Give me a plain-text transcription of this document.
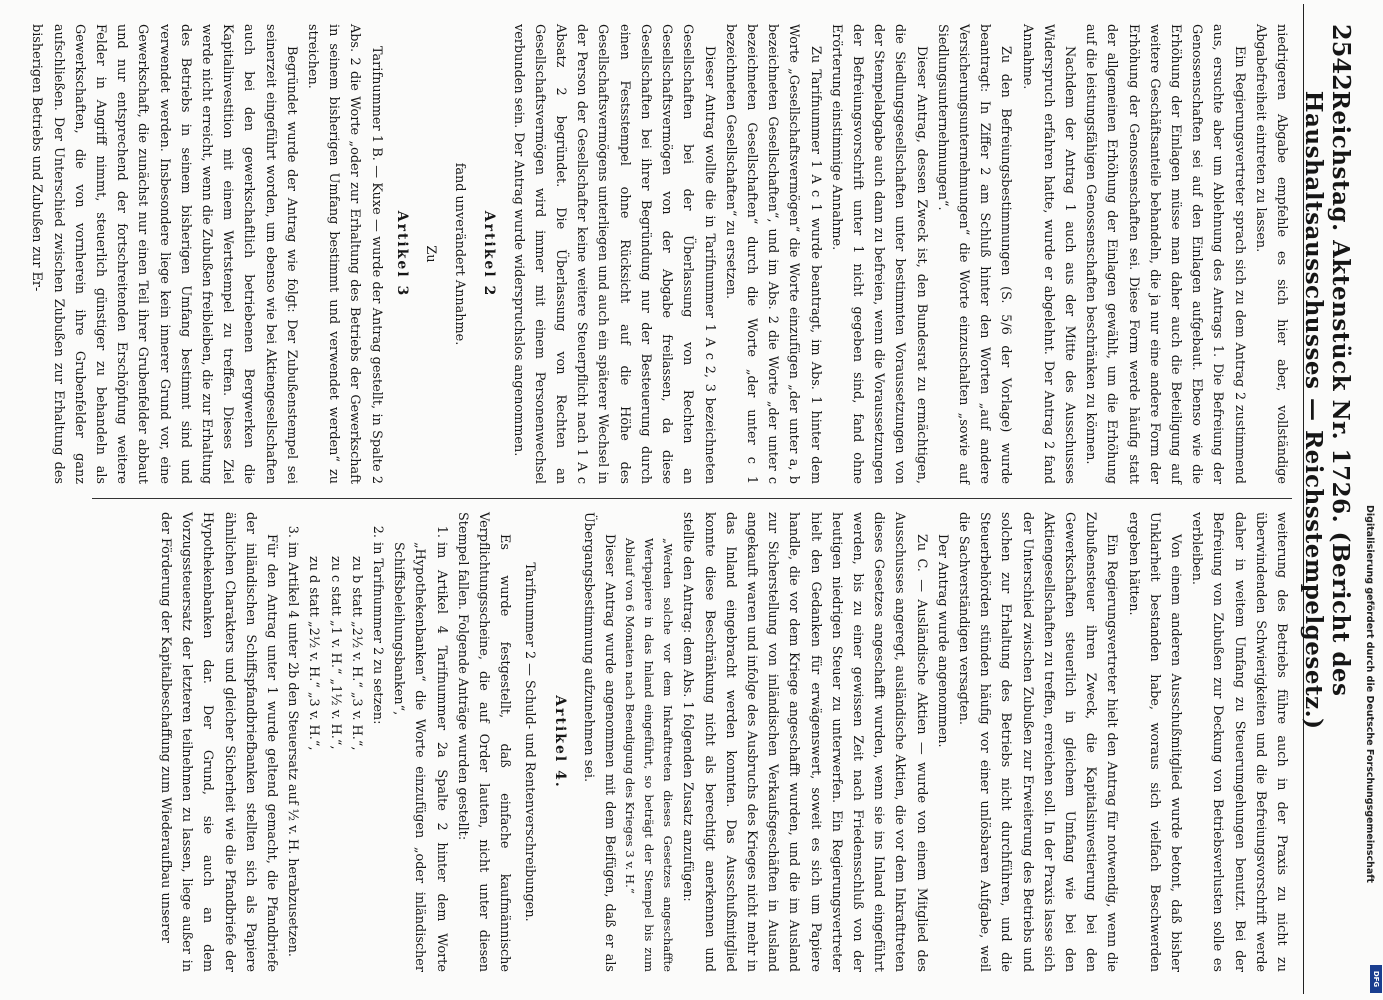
2542
Reichstag. Aktenstück Nr. 1726. (Bericht des Haushaltsausschusses — Reichsstempelgesetz.)

niedrigeren Abgabe empfehle es sich hier aber, vollständige Abgabefreiheit eintreten zu lassen.

Ein Regierungsvertreter sprach sich zu dem Antrag 2 zustimmend aus, ersuchte aber um Ablehnung des Antrags 1. Die Befreiung der Genossenschaften sei auf den Einlagen aufgebaut. Ebenso wie die Erhöhung der Einlagen müsse man daher auch die Beteiligung auf weitere Geschäftsanteile behandeln, die ja nur eine andere Form der Erhöhung der Genossenschaften sei. Diese Form werde häufig statt der allgemeinen Erhöhung der Einlagen gewählt, um die Erhöhung auf die leistungsfähigen Genossenschaften beschränken zu können.

Nachdem der Antrag 1 auch aus der Mitte des Ausschusses Widerspruch erfahren hatte, wurde er abgelehnt. Der Antrag 2 fand Annahme.

Zu den Befreiungsbestimmungen (S. 5/6 der Vorlage) wurde beantragt: In Ziffer 2 am Schluß hinter den Worten „auf andere Versicherungsunternehmungen“ die Worte einzuschalten „sowie auf Siedlungsunternehmungen“.

Dieser Antrag, dessen Zweck ist, den Bundesrat zu ermächtigen, die Siedlungsgesellschaften unter bestimmten Voraussetzungen von der Stempelabgabe auch dann zu befreien, wenn die Voraussetzungen der Befreiungsvorschrift unter 1 nicht gegeben sind, fand ohne Erörterung einstimmige Annahme.

Zu Tarifnummer 1 A c 1 wurde beantragt, im Abs. 1 hinter dem Worte „Gesellschaftsvermögen“ die Worte einzufügen „der unter a, b bezeichneten Gesellschaften“, und im Abs. 2 die Worte „der unter c bezeichneten Gesellschaften“ durch die Worte „der unter c 1 bezeichneten Gesellschaften“ zu ersetzen.

Dieser Antrag wollte die in Tarifnummer 1 A c 2, 3 bezeichneten Gesellschaften bei der Überlassung von Rechten an Gesellschaftsvermögen von der Abgabe freilassen, da diese Gesellschaften bei ihrer Begründung nur der Besteuerung durch einen Festsstempel ohne Rücksicht auf die Höhe des Gesellschaftsvermögens unterliegen und auch ein späterer Wechsel in der Person der Gesellschafter keine weitere Steuerpflicht nach 1 A c Absatz 2 begründet. Die Überlassung von Rechten an Gesellschaftsvermögen wird immer mit einem Personenwechsel verbunden sein. Der Antrag wurde widerspruchslos angenommen.

Artikel 2
fand unverändert Annahme.
Zu
Artikel 3

Tarifnummer 1 B. — Kuxe — wurde der Antrag gestellt, in Spalte 2 Abs. 2 die Worte „oder zur Erhaltung des Betriebs der Gewerkschaft in seinem bisherigen Umfang bestimmt und verwendet werden“ zu streichen.

Begründet wurde der Antrag wie folgt: Der Zubußenstempel sei seinerzeit eingeführt worden, um ebenso wie bei Aktiengesellschaften auch bei den gewerkschaftlich betriebenen Bergwerken die Kapitalinvestition mit einem Wertstempel zu treffen. Dieses Ziel werde nicht erreicht, wenn die Zubußen freibleiben, die zur Erhaltung des Betriebs in seinem bisherigen Umfang bestimmt sind und verwendet werden. Insbesondere liege kein innerer Grund vor, eine Gewerkschaft, die zunächst nur einen Teil ihrer Grubenfelder abbaut und nur entsprechend der fortschreitenden Erschöpfung weitere Felder in Angriff nimmt, steuerlich günstiger zu behandeln als Gewerkschaften, die von vornherein ihre Grubenfelder ganz aufschließen. Der Unterschied zwischen Zubußen zur Erhaltung des bisherigen Betriebs und Zubußen zur Er-

weiterung des Betriebs führe auch in der Praxis zu nicht zu überwindenden Schwierigkeiten und die Befreiungsvorschrift werde daher in weitem Umfang zu Steuerumgehungen benutzt. Bei der Befreiung von Zubußen zur Deckung von Betriebsverlusten solle es verbleiben.

Von einem anderen Ausschußmitglied wurde betont, daß bisher Unklarheit bestanden habe, woraus sich vielfach Beschwerden ergeben hätten.

Ein Regierungsvertreter hielt den Antrag für notwendig, wenn die Zubußensteuer ihren Zweck, die Kapitalsinvestierung bei den Gewerkschaften steuerlich in gleichem Umfang wie bei den Aktiengesellschaften zu treffen, erreichen soll. In der Praxis lasse sich der Unterschied zwischen Zubußen zur Erweiterung des Betriebs und solchen zur Erhaltung des Betriebs nicht durchführen, und die Steuerbehörden stünden häufig vor einer unlösbaren Aufgabe, weil die Sachverständigen versagten.

Der Antrag wurde angenommen.

Zu C. — Ausländische Aktien — wurde von einem Mitglied des Ausschusses angeregt, ausländische Aktien, die vor dem Inkrafttreten dieses Gesetzes angeschafft wurden, wenn sie ins Inland eingeführt werden, bis zu einer gewissen Zeit nach Friedensschluß von der heutigen niedrigen Steuer zu unterwerfen. Ein Regierungsvertreter hielt den Gedanken für erwägenswert, soweit es sich um Papiere handle, die vor dem Kriege angeschafft wurden, und die im Ausland zur Sicherstellung von inländischen Verkaufsgeschäften in Ausland angekauft waren und infolge des Ausbruchs des Krieges nicht mehr in das Inland eingebracht werden konnten. Das Ausschußmitglied konnte diese Beschränkung nicht als berechtigt anerkennen und stellte den Antrag: dem Abs. 1 folgenden Zusatz anzufügen:

„Werden solche vor dem Inkrafttreten dieses Gesetzes angeschaffte Wertpapiere in das Inland eingeführt, so beträgt der Stempel bis zum Ablauf von 6 Monaten nach Beendigung des Krieges 3 v. H.“

Dieser Antrag wurde angenommen mit dem Beifügen, daß er als Übergangsbestimmung aufzunehmen sei.

Artikel 4.
Tarifnummer 2 — Schuld- und Rentenverschreibungen.

Es wurde festgestellt, daß einfache kaufmännische Verpflichtungsscheine, die auf Order lauten, nicht unter diesen Stempel fallen. Folgende Anträge wurden gestellt:

1. im Artikel 4 Tarifnummer 2a Spalte 2 hinter dem Worte „Hypothekenbanken“ die Worte einzufügen „oder inländischer Schiffsbeleihungsbanken“,
2. in Tarifnummer 2 zu setzen:
zu b statt „2½ v. H.“ „3 v. H.“,
zu c statt „1 v. H.“ „1½ v. H.“,
zu d statt „2½ v. H.“ „3 v. H.“,
3. im Artikel 4 unter 2b den Steuersatz auf ½ v. H. herabzusetzen.

Für den Antrag unter 1 wurde geltend gemacht, die Pfandbriefe der inländischen Schiffspfandbriefbanken stellten sich als Papiere ähnlichen Charakters und gleicher Sicherheit wie die Pfandbriefe der Hypothekenbanken dar. Der Grund, sie auch an dem Vorzugssteuersatz der letzteren teilnehmen zu lassen, liege außer in der Förderung der Kapitalbeschaffung zum Wiederaufbau unserer	Digitalisierung gefördert durch die Deutsche Forschungsgemeinschaft
DFG
